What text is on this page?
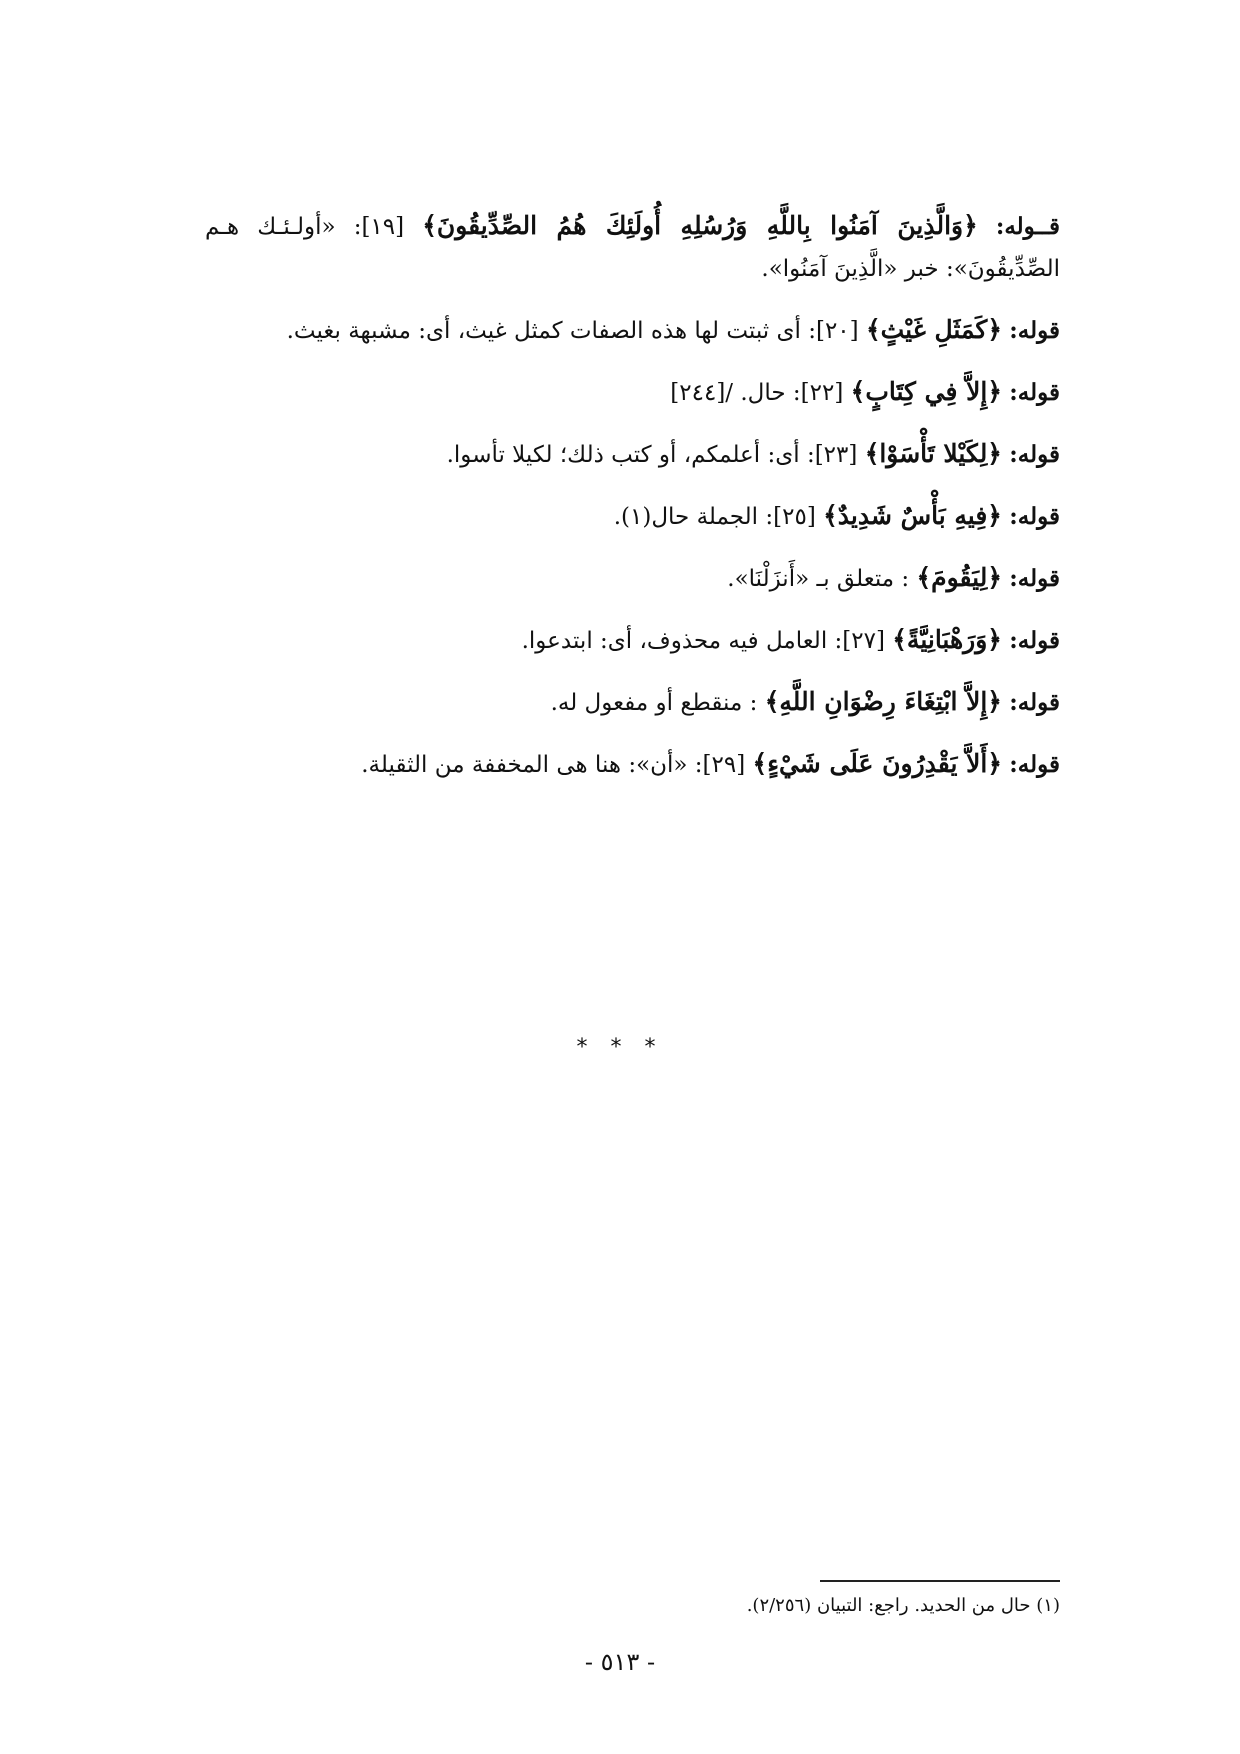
قــوله: ﴿وَالَّذِينَ آمَنُوا بِاللَّهِ وَرُسُلِهِ أُولَئِكَ هُمُ الصِّدِّيقُونَ﴾ [١٩]: «أولـئـك هـم الصِّدِّيقُونَ»: خبر «الَّذِينَ آمَنُوا».

قوله: ﴿كَمَثَلِ غَيْثٍ﴾ [٢٠]: أى ثبتت لها هذه الصفات كمثل غيث، أى: مشبهة بغيث.

قوله: ﴿إِلاَّ فِي كِتَابٍ﴾ [٢٢]: حال. /[٢٤٤]

قوله: ﴿لِكَيْلا تَأْسَوْا﴾ [٢٣]: أى: أعلمكم، أو كتب ذلك؛ لكيلا تأسوا.

قوله: ﴿فِيهِ بَأْسٌ شَدِيدٌ﴾ [٢٥]: الجملة حال(١).

قوله: ﴿لِيَقُومَ﴾ : متعلق بـ «أَنزَلْنَا».

قوله: ﴿وَرَهْبَانِيَّةً﴾ [٢٧]: العامل فيه محذوف، أى: ابتدعوا.

قوله: ﴿إِلاَّ ابْتِغَاءَ رِضْوَانِ اللَّهِ﴾ : منقطع أو مفعول له.

قوله: ﴿أَلاَّ يَقْدِرُونَ عَلَى شَيْءٍ﴾ [٢٩]: «أن»: هنا هى المخففة من الثقيلة.

* * *
(١) حال من الحديد. راجع: التبيان (٢/٢٥٦).
- ٥١٣ -
